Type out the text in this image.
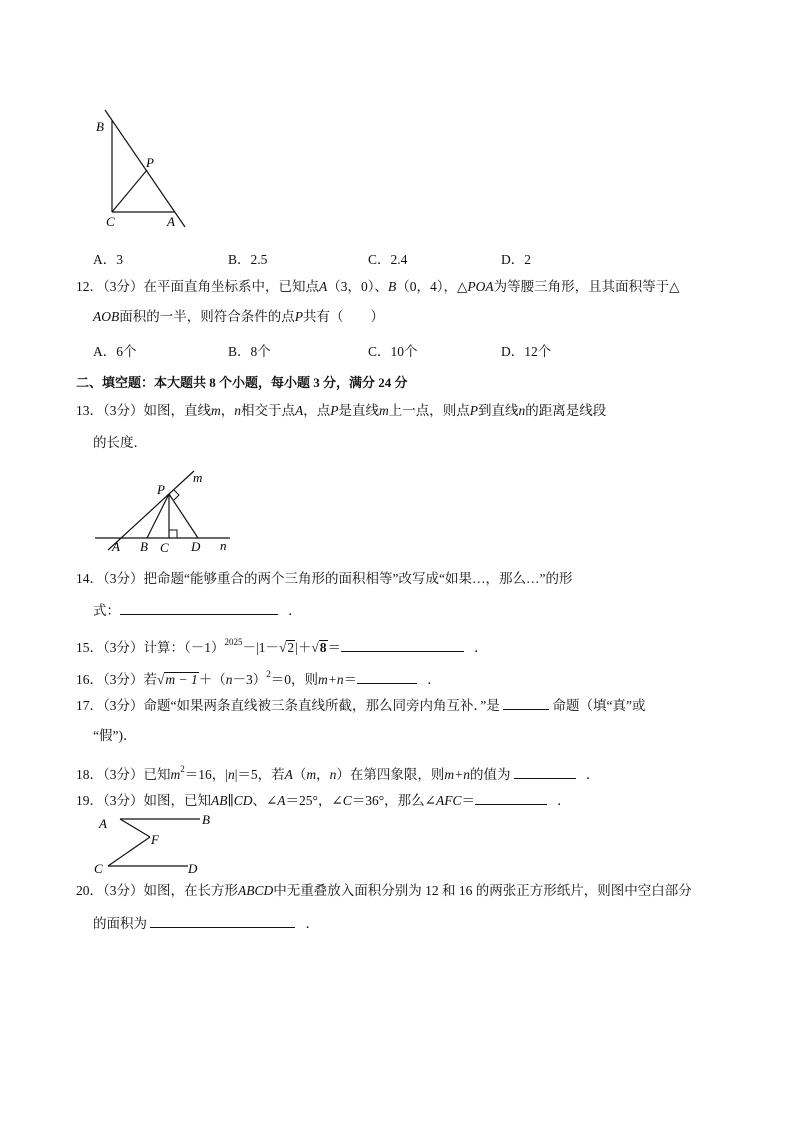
B
P
C	A
A．3	B．2.5	C．2.4	D．2
12．（3分）在平面直角坐标系中，已知点A（3，0）、B（0，4），△POA为等腰三角形，且其面积等于△
AOB面积的一半，则符合条件的点P共有（　　）
A．6个	B．8个	C．10个	D．12个
二、填空题：本大题共 8 个小题，每小题 3 分，满分 24 分
13．（3分）如图，直线m，n相交于点A，点P是直线m上一点，则点P到直线n的距离是线段
的长度．
m
P
A B C D n
14．（3分）把命题“能够重合的两个三角形的面积相等”改写成“如果…，那么…”的形
式：	．
15．（3分）计算：$(-1)^{2025}-|1-√2|+√8=$	．
16．（3分）若$√m - 1+(n-3)^2=0$，则m+n＝	．
17．（3分）命题“如果两条直线被三条直线所截，那么同旁内角互补．”是	命题（填“真”或
“假”)．
18．（3分）已知$m^2=16$，|n|＝5，若A（m，n）在第四象限，则m+n的值为	．
19．（3分）如图，已知AB∥CD、∠A＝25°，∠C＝36°，那么∠AFC＝	．
A	B
F
C	D
20．（3分）如图，在长方形ABCD中无重叠放入面积分别为 12 和 16 的两张正方形纸片，则图中空白部分
的面积为	．
